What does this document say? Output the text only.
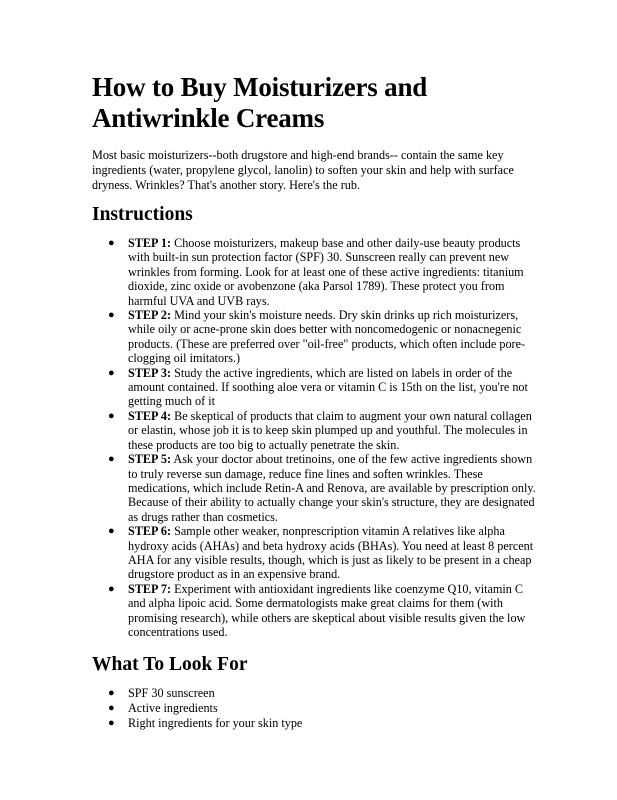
How to Buy Moisturizers and Antiwrinkle Creams

Most basic moisturizers--both drugstore and high-end brands-- contain the same key ingredients (water, propylene glycol, lanolin) to soften your skin and help with surface dryness. Wrinkles? That's another story. Here's the rub.

Instructions
● STEP 1: Choose moisturizers, makeup base and other daily-use beauty products with built-in sun protection factor (SPF) 30. Sunscreen really can prevent new wrinkles from forming. Look for at least one of these active ingredients: titanium dioxide, zinc oxide or avobenzone (aka Parsol 1789). These protect you from harmful UVA and UVB rays.
● STEP 2: Mind your skin's moisture needs. Dry skin drinks up rich moisturizers, while oily or acne-prone skin does better with noncomedogenic or nonacnegenic products. (These are preferred over "oil-free" products, which often include pore-clogging oil imitators.)
● STEP 3: Study the active ingredients, which are listed on labels in order of the amount contained. If soothing aloe vera or vitamin C is 15th on the list, you're not getting much of it
● STEP 4: Be skeptical of products that claim to augment your own natural collagen or elastin, whose job it is to keep skin plumped up and youthful. The molecules in these products are too big to actually penetrate the skin.
● STEP 5: Ask your doctor about tretinoins, one of the few active ingredients shown to truly reverse sun damage, reduce fine lines and soften wrinkles. These medications, which include Retin-A and Renova, are available by prescription only. Because of their ability to actually change your skin's structure, they are designated as drugs rather than cosmetics.
● STEP 6: Sample other weaker, nonprescription vitamin A relatives like alpha hydroxy acids (AHAs) and beta hydroxy acids (BHAs). You need at least 8 percent AHA for any visible results, though, which is just as likely to be present in a cheap drugstore product as in an expensive brand.
● STEP 7: Experiment with antioxidant ingredients like coenzyme Q10, vitamin C and alpha lipoic acid. Some dermatologists make great claims for them (with promising research), while others are skeptical about visible results given the low concentrations used.
What To Look For
● SPF 30 sunscreen
● Active ingredients
● Right ingredients for your skin type
